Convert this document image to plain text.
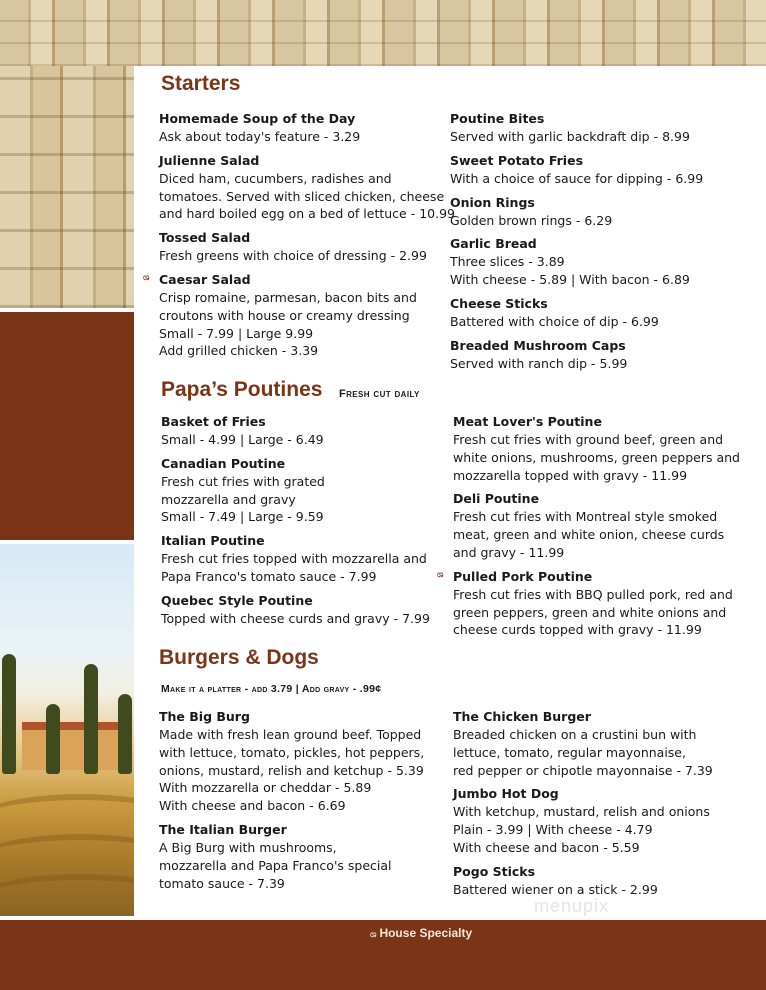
Starters
Homemade Soup of the Day
Ask about today's feature - 3.29
Julienne Salad
Diced ham, cucumbers, radishes and
tomatoes. Served with sliced chicken, cheese
and hard boiled egg on a bed of lettuce - 10.99
Tossed Salad
Fresh greens with choice of dressing - 2.99
ශ Caesar Salad
Crisp romaine, parmesan, bacon bits and
croutons with house or creamy dressing
Small - 7.99 | Large 9.99
Add grilled chicken - 3.39
Poutine Bites
Served with garlic backdraft dip - 8.99
Sweet Potato Fries
With a choice of sauce for dipping - 6.99
Onion Rings
Golden brown rings - 6.29
Garlic Bread
Three slices - 3.89
With cheese - 5.89 | With bacon - 6.89
Cheese Sticks
Battered with choice of dip - 6.99
Breaded Mushroom Caps
Served with ranch dip - 5.99
Papa’s Poutines Fresh cut daily
Basket of Fries
Small - 4.99 | Large - 6.49
Canadian Poutine
Fresh cut fries with grated
mozzarella and gravy
Small - 7.49 | Large - 9.59
Italian Poutine
Fresh cut fries topped with mozzarella and
Papa Franco's tomato sauce - 7.99
Quebec Style Poutine
Topped with cheese curds and gravy - 7.99
Meat Lover's Poutine
Fresh cut fries with ground beef, green and
white onions, mushrooms, green peppers and
mozzarella topped with gravy - 11.99
Deli Poutine
Fresh cut fries with Montreal style smoked
meat, green and white onion, cheese curds
and gravy - 11.99
ශ Pulled Pork Poutine
Fresh cut fries with BBQ pulled pork, red and
green peppers, green and white onions and
cheese curds topped with gravy - 11.99
Burgers & Dogs
Make it a platter - add 3.79 | Add gravy - .99¢
The Big Burg
Made with fresh lean ground beef. Topped
with lettuce, tomato, pickles, hot peppers,
onions, mustard, relish and ketchup - 5.39
With mozzarella or cheddar - 5.89
With cheese and bacon - 6.69
The Italian Burger
A Big Burg with mushrooms,
mozzarella and Papa Franco's special
tomato sauce - 7.39
The Chicken Burger
Breaded chicken on a crustini bun with
lettuce, tomato, regular mayonnaise,
red pepper or chipotle mayonnaise - 7.39
Jumbo Hot Dog
With ketchup, mustard, relish and onions
Plain - 3.99 | With cheese - 4.79
With cheese and bacon - 5.59
Pogo Sticks
Battered wiener on a stick - 2.99
menupix
ශ House Specialty
